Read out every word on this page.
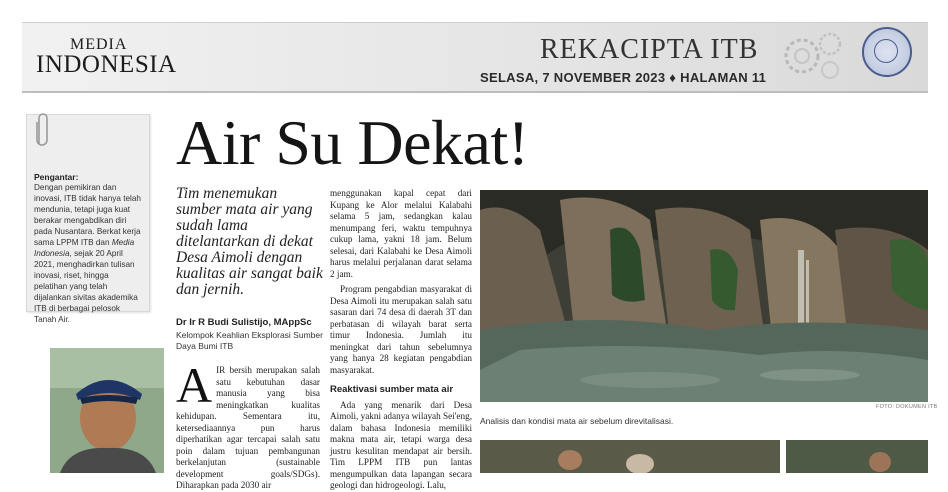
MEDIA
INDONESIA	REKACIPTA ITB
SELASA, 7 NOVEMBER 2023 ♦ HALAMAN 11
Pengantar:
Dengan pemikiran dan inovasi, ITB tidak hanya telah mendunia, tetapi juga kuat berakar mengabdikan diri pada Nusantara. Berkat kerja sama LPPM ITB dan Media Indonesia, sejak 20 April 2021, menghadirkan tulisan inovasi, riset, hingga pelatihan yang telah dijalankan sivitas akademika ITB di berbagai pelosok Tanah Air.
Air Su Dekat!
Tim menemukan sumber mata air yang sudah lama ditelantarkan di dekat Desa Aimoli dengan kualitas air sangat baik dan jernih.
Dr Ir R Budi Sulistijo, MAppSc
Kelompok Keahlian Eksplorasi Sumber Daya Bumi ITB
AIR bersih merupakan salah satu kebutuhan dasar manusia yang bisa meningkatkan kualitas kehidupan. Sementara itu, ketersediaannya pun harus diperhatikan agar tercapai salah satu poin dalam tujuan pembangunan berkelanjutan (sustainable development goals/SDGs). Diharapkan pada 2030 air

menggunakan kapal cepat dari Kupang ke Alor melalui Kalabahi selama 5 jam, sedangkan kalau menumpang feri, waktu tempuhnya cukup lama, yakni 18 jam. Belum selesai, dari Kalabahi ke Desa Aimoli harus melalui perjalanan darat selama 2 jam.

Program pengabdian masyarakat di Desa Aimoli itu merupakan salah satu sasaran dari 74 desa di daerah 3T dan perbatasan di wilayah barat serta timur Indonesia. Jumlah itu meningkat dari tahun sebelumnya yang hanya 28 kegiatan pengabdian masyarakat.

Reaktivasi sumber mata air

Ada yang menarik dari Desa Aimoli, yakni adanya wilayah Sei'eng, dalam bahasa Indonesia memiliki makna mata air, tetapi warga desa justru kesulitan mendapat air bersih. Tim LPPM ITB pun lantas mengumpulkan data lapangan secara geologi dan hidrogeologi. Lalu,

FOTO: DOKUMEN ITB
Analisis dan kondisi mata air sebelum direvitalisasi.
